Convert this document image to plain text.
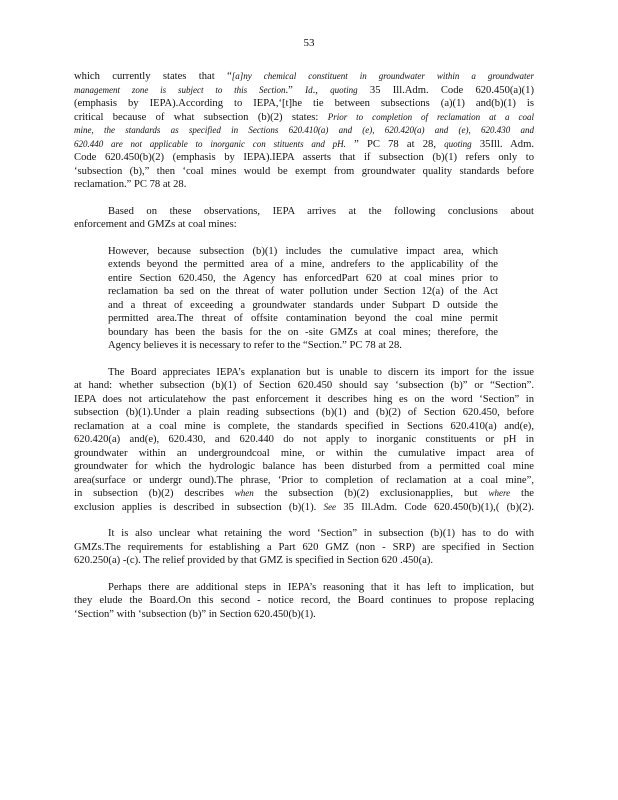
53
which currently states that “[a]ny chemical constituent in groundwater within a groundwater
management zone is subject to this Section.” Id., quoting 35 Ill.Adm. Code 620.450(a)(1)
(emphasis by IEPA).According to IEPA,‘[t]he tie between subsections (a)(1) and(b)(1) is
critical because of what subsection (b)(2) states: Prior to completion of reclamation at a coal
mine, the standards as specified in Sections 620.410(a) and (e), 620.420(a) and (e), 620.430 and
620.440 are not applicable to inorganic con stituents and pH. ” PC 78 at 28, quoting 35Ill. Adm.
Code 620.450(b)(2) (emphasis by IEPA).IEPA asserts that if subsection (b)(1) refers only to
‘subsection (b),” then ‘coal mines would be exempt from groundwater quality standards before
reclamation.” PC 78 at 28.
Based on these observations, IEPA arrives at the following conclusions about
enforcement and GMZs at coal mines:
However, because subsection (b)(1) includes the cumulative impact area, which
extends beyond the permitted area of a mine, andrefers to the applicability of the
entire Section 620.450, the Agency has enforcedPart 620 at coal mines prior to
reclamation ba sed on the threat of water pollution under Section 12(a) of the Act
and a threat of exceeding a groundwater standards under Subpart D outside the
permitted area.The threat of offsite contamination beyond the coal mine permit
boundary has been the basis for the on -site GMZs at coal mines; therefore, the
Agency believes it is necessary to refer to the “Section.” PC 78 at 28.
The Board appreciates IEPA’s explanation but is unable to discern its import for the issue
at hand: whether subsection (b)(1) of Section 620.450 should say ‘subsection (b)” or “Section”.
IEPA does not articulatehow the past enforcement it describes hing es on the word ‘Section” in
subsection (b)(1).Under a plain reading subsections (b)(1) and (b)(2) of Section 620.450, before
reclamation at a coal mine is complete, the standards specified in Sections 620.410(a) and(e),
620.420(a) and(e), 620.430, and 620.440 do not apply to inorganic constituents or pH in
groundwater within an undergroundcoal mine, or within the cumulative impact area of
groundwater for which the hydrologic balance has been disturbed from a permitted coal mine
area(surface or undergr ound).The phrase, ‘Prior to completion of reclamation at a coal mine”,
in subsection (b)(2) describes when the subsection (b)(2) exclusionapplies, but where the
exclusion applies is described in subsection (b)(1). See 35 Ill.Adm. Code 620.450(b)(1),( (b)(2).
It is also unclear what retaining the word ‘Section” in subsection (b)(1) has to do with
GMZs.The requirements for establishing a Part 620 GMZ (non - SRP) are specified in Section
620.250(a) -(c). The relief provided by that GMZ is specified in Section 620 .450(a).
Perhaps there are additional steps in IEPA’s reasoning that it has left to implication, but
they elude the Board.On this second - notice record, the Board continues to propose replacing
‘Section” with ‘subsection (b)” in Section 620.450(b)(1).
